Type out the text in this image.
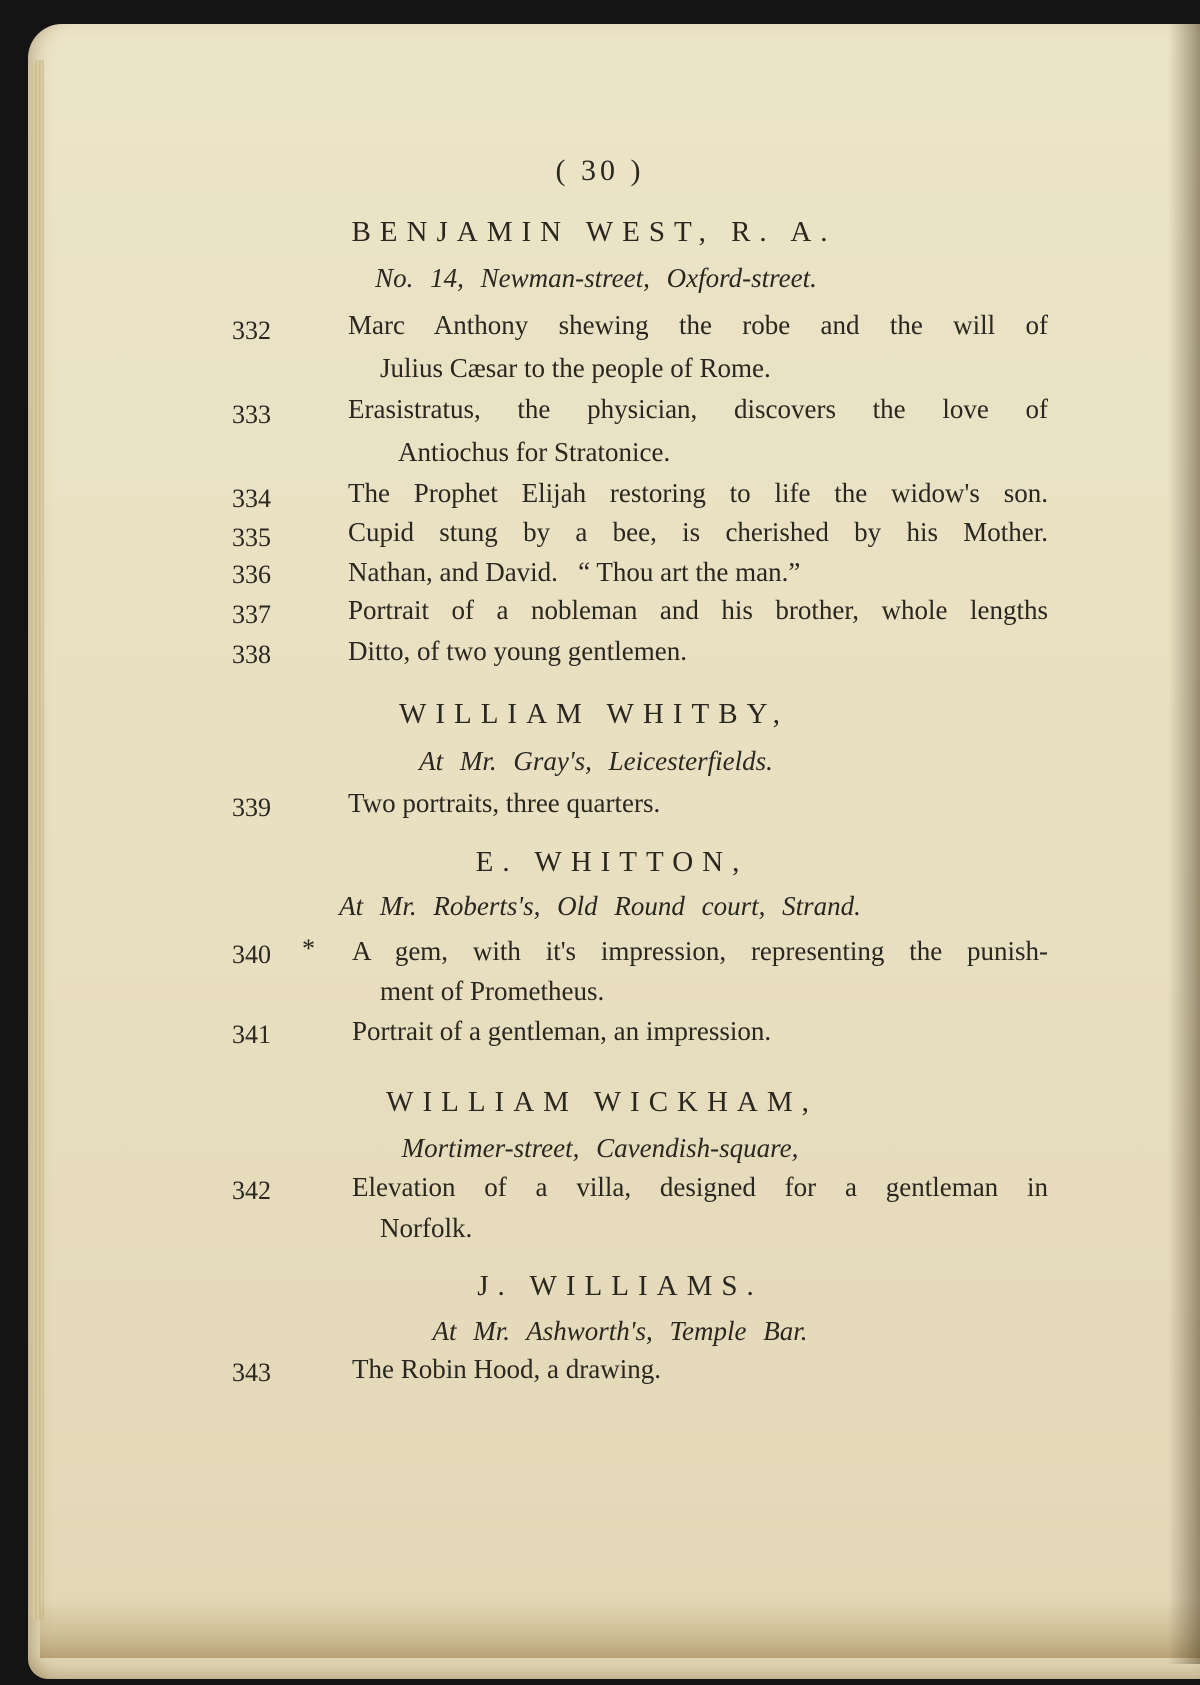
( 30 )
BENJAMIN WEST, R. A.
No. 14, Newman-street, Oxford-street.
332	Marc Anthony shewing the robe and the will of
Julius Cæsar to the people of Rome.
333	Erasistratus, the physician, discovers the love of
Antiochus for Stratonice.
334	The Prophet Elijah restoring to life the widow's son.
335	Cupid stung by a bee, is cherished by his Mother.
336	Nathan, and David.   “ Thou art the man.”
337	Portrait of a nobleman and his brother, whole lengths
338	Ditto, of two young gentlemen.
WILLIAM WHITBY,
At Mr. Gray's, Leicesterfields.
339	Two portraits, three quarters.
E. WHITTON,
At Mr. Roberts's, Old Round court, Strand.
340 * A gem, with it's impression, representing the punish-
ment of Prometheus.
341	Portrait of a gentleman, an impression.
WILLIAM WICKHAM,
Mortimer-street, Cavendish-square,
342	Elevation of a villa, designed for a gentleman in
Norfolk.
J. WILLIAMS.
At Mr. Ashworth's, Temple Bar.
343	The Robin Hood, a drawing.
